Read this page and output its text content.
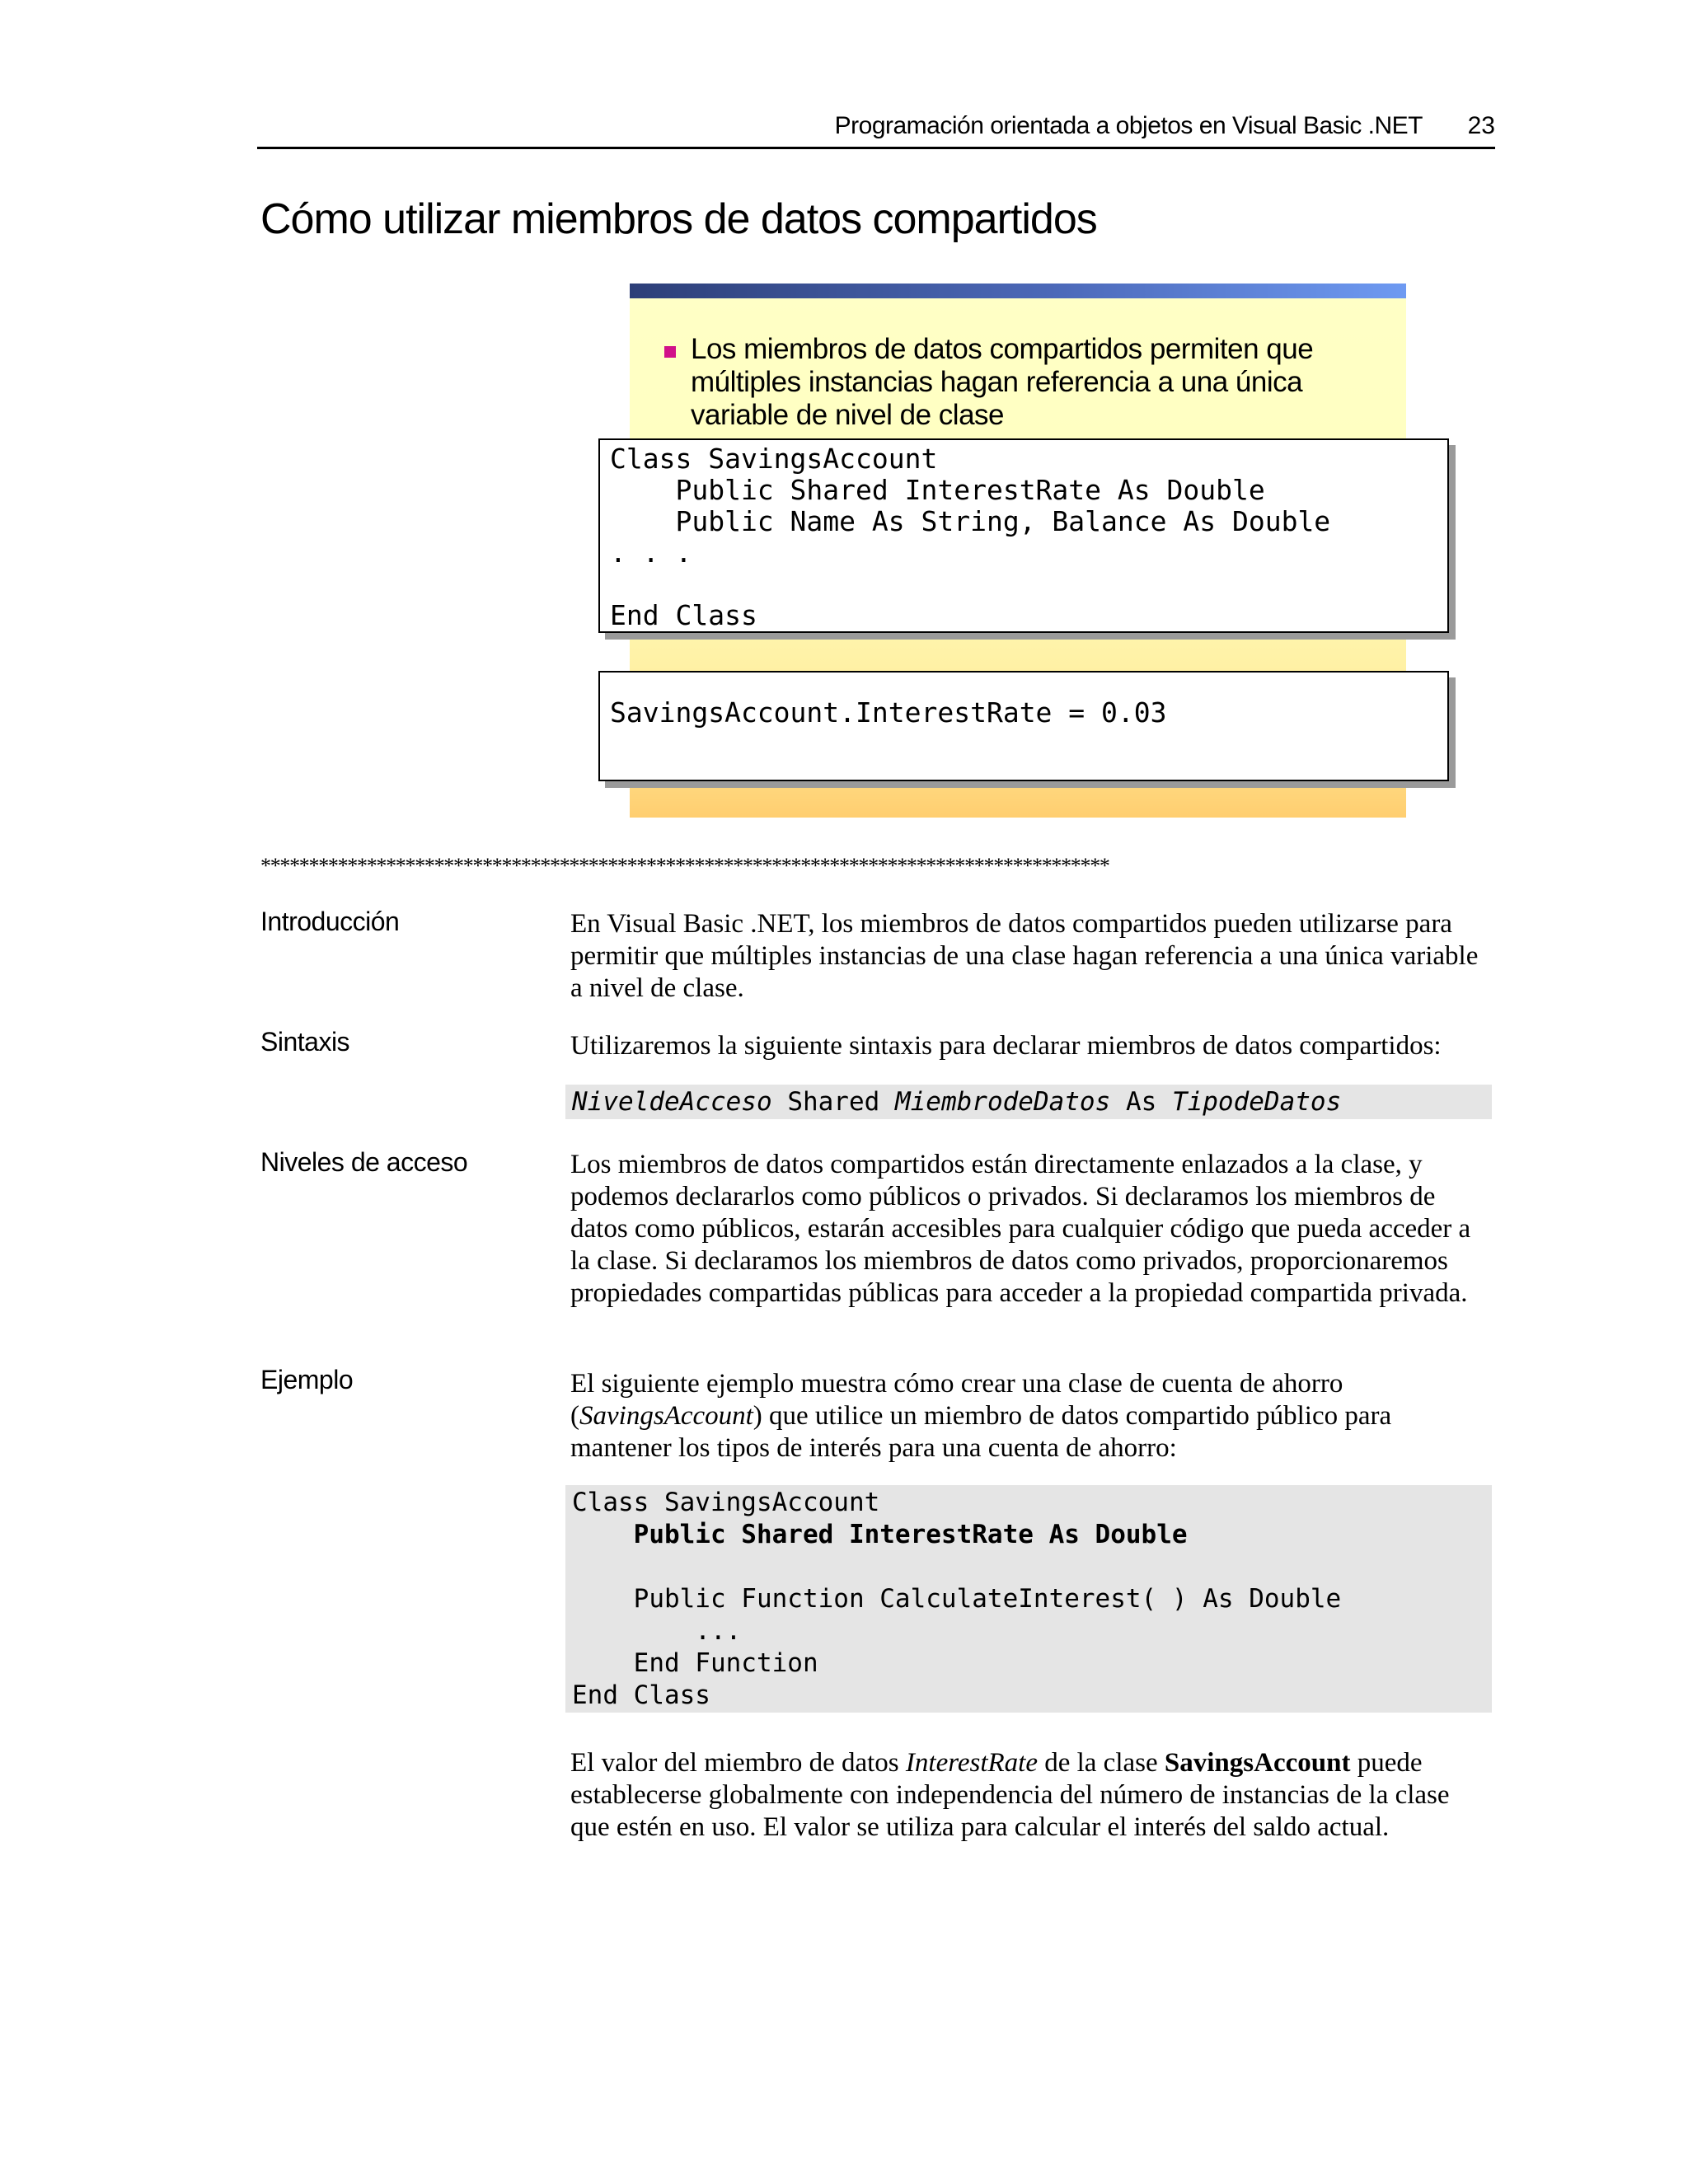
Programación orientada a objetos en Visual Basic .NET 23
Cómo utilizar miembros de datos compartidos
Los miembros de datos compartidos permiten que múltiples instancias hagan referencia a una única variable de nivel de clase
Class SavingsAccount
Public Shared InterestRate As Double
Public Name As String, Balance As Double
. . .

End Class
SavingsAccount.InterestRate = 0.03
****************************************************************************************
Introducción	En Visual Basic .NET, los miembros de datos compartidos pueden utilizarse para permitir que múltiples instancias de una clase hagan referencia a una única variable a nivel de clase.

Sintaxis	Utilizaremos la siguiente sintaxis para declarar miembros de datos compartidos:

NiveldeAcceso Shared MiembrodeDatos As TipodeDatos
Niveles de acceso	Los miembros de datos compartidos están directamente enlazados a la clase, y podemos declararlos como públicos o privados. Si declaramos los miembros de datos como públicos, estarán accesibles para cualquier código que pueda acceder a la clase. Si declaramos los miembros de datos como privados, proporcionaremos propiedades compartidas públicas para acceder a la propiedad compartida privada.

Ejemplo	El siguiente ejemplo muestra cómo crear una clase de cuenta de ahorro (SavingsAccount) que utilice un miembro de datos compartido público para mantener los tipos de interés para una cuenta de ahorro:

Class SavingsAccount
Public Shared InterestRate As Double

Public Function CalculateInterest( ) As Double
...
End Function
End Class

El valor del miembro de datos InterestRate de la clase SavingsAccount puede establecerse globalmente con independencia del número de instancias de la clase que estén en uso. El valor se utiliza para calcular el interés del saldo actual.
